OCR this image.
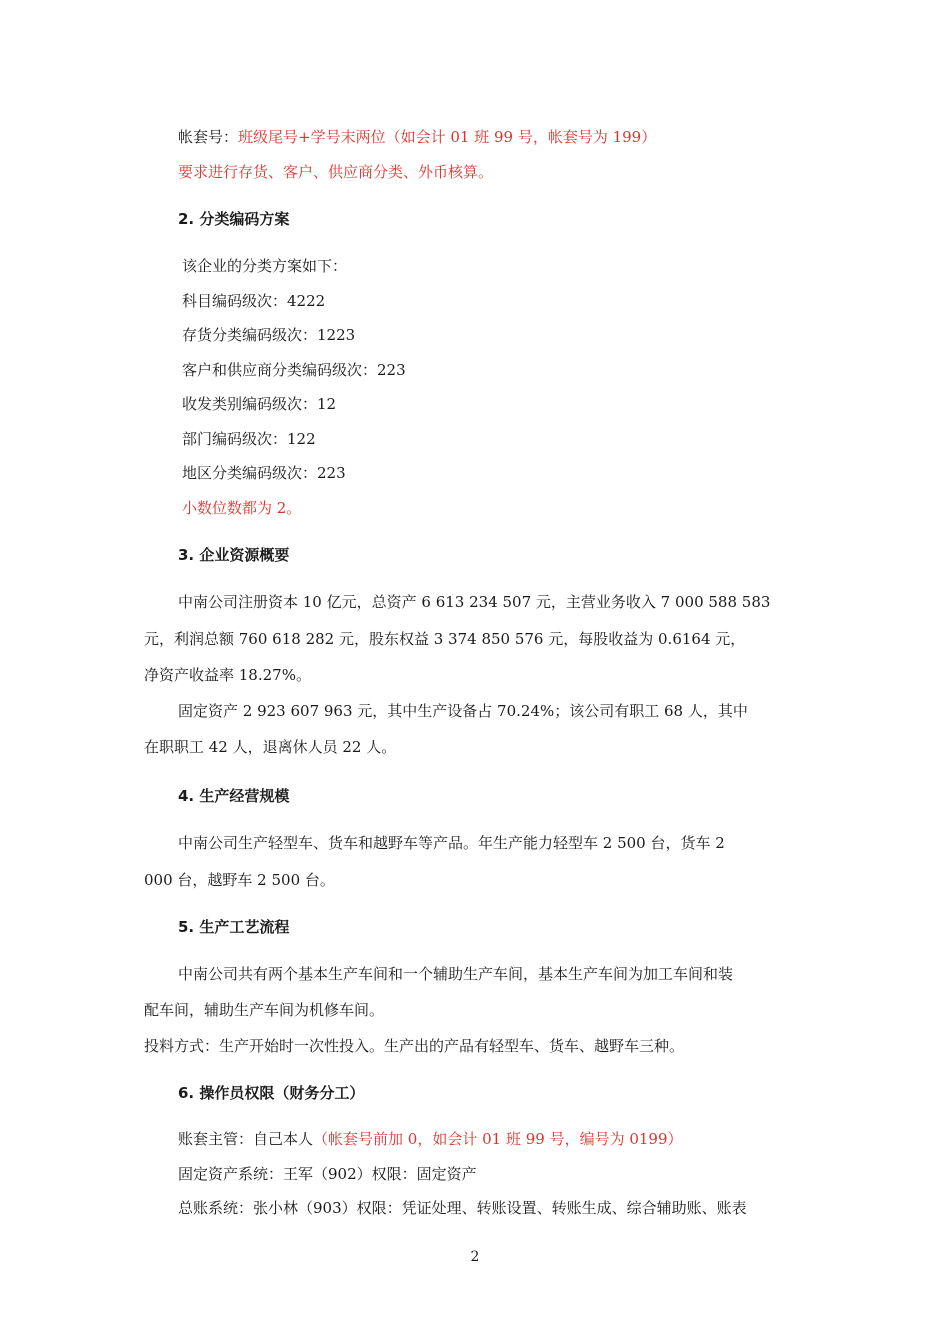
帐套号：班级尾号+学号末两位（如会计 01 班 99 号，帐套号为 199）
要求进行存货、客户、供应商分类、外币核算。
2. 分类编码方案
该企业的分类方案如下：
科目编码级次：4222
存货分类编码级次：1223
客户和供应商分类编码级次：223
收发类别编码级次：12
部门编码级次：122
地区分类编码级次：223
小数位数都为 2。
3. 企业资源概要
中南公司注册资本 10 亿元，总资产 6 613 234 507 元，主营业务收入 7 000 588 583
元，利润总额 760 618 282 元，股东权益 3 374 850 576 元，每股收益为 0.6164 元，
净资产收益率 18.27%。
固定资产 2 923 607 963 元，其中生产设备占 70.24%；该公司有职工 68 人，其中
在职职工 42 人，退离休人员 22 人。
4. 生产经营规模
中南公司生产轻型车、货车和越野车等产品。年生产能力轻型车 2 500 台，货车 2
000 台，越野车 2 500 台。
5. 生产工艺流程
中南公司共有两个基本生产车间和一个辅助生产车间，基本生产车间为加工车间和装
配车间，辅助生产车间为机修车间。
投料方式：生产开始时一次性投入。生产出的产品有轻型车、货车、越野车三种。
6. 操作员权限（财务分工）
账套主管：自己本人（帐套号前加 0，如会计 01 班 99 号，编号为 0199）
固定资产系统：王军（902）权限：固定资产
总账系统：张小林（903）权限：凭证处理、转账设置、转账生成、综合辅助账、账表
2
